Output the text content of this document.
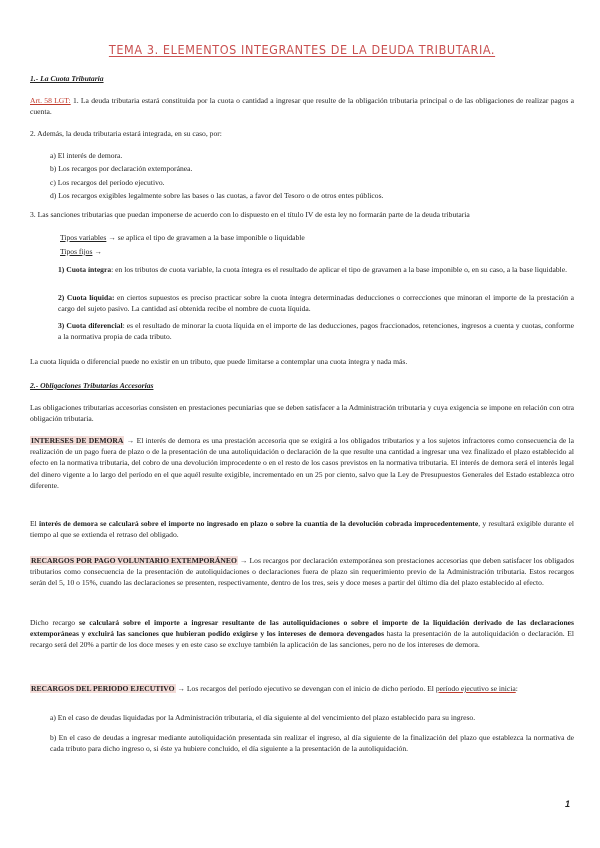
TEMA 3. ELEMENTOS INTEGRANTES DE LA DEUDA TRIBUTARIA.
1.- La Cuota Tributaria
Art. 58 LGT: 1. La deuda tributaria estará constituida por la cuota o cantidad a ingresar que resulte de la obligación tributaria principal o de las obligaciones de realizar pagos a cuenta.
2. Además, la deuda tributaria estará integrada, en su caso, por:
a) El interés de demora.
b) Los recargos por declaración extemporánea.
c) Los recargos del período ejecutivo.
d) Los recargos exigibles legalmente sobre las bases o las cuotas, a favor del Tesoro o de otros entes públicos.
3. Las sanciones tributarias que puedan imponerse de acuerdo con lo dispuesto en el título IV de esta ley no formarán parte de la deuda tributaria
Tipos variables → se aplica el tipo de gravamen a la base imponible o liquidable
Tipos fijos →
1) Cuota íntegra: en los tributos de cuota variable, la cuota íntegra es el resultado de aplicar el tipo de gravamen a la base imponible o, en su caso, a la base liquidable.
2) Cuota líquida: en ciertos supuestos es preciso practicar sobre la cuota íntegra determinadas deducciones o correcciones que minoran el importe de la prestación a cargo del sujeto pasivo. La cantidad así obtenida recibe el nombre de cuota líquida.
3) Cuota diferencial: es el resultado de minorar la cuota líquida en el importe de las deducciones, pagos fraccionados, retenciones, ingresos a cuenta y cuotas, conforme a la normativa propia de cada tributo.
La cuota líquida o diferencial puede no existir en un tributo, que puede limitarse a contemplar una cuota íntegra y nada más.
2.- Obligaciones Tributarias Accesorias
Las obligaciones tributarias accesorias consisten en prestaciones pecuniarias que se deben satisfacer a la Administración tributaria y cuya exigencia se impone en relación con otra obligación tributaria.
INTERESES DE DEMORA → El interés de demora es una prestación accesoria que se exigirá a los obligados tributarios y a los sujetos infractores como consecuencia de la realización de un pago fuera de plazo o de la presentación de una autoliquidación o declaración de la que resulte una cantidad a ingresar una vez finalizado el plazo establecido al efecto en la normativa tributaria, del cobro de una devolución improcedente o en el resto de los casos previstos en la normativa tributaria. El interés de demora será el interés legal del dinero vigente a lo largo del período en el que aquél resulte exigible, incrementado en un 25 por ciento, salvo que la Ley de Presupuestos Generales del Estado establezca otro diferente.
El interés de demora se calculará sobre el importe no ingresado en plazo o sobre la cuantía de la devolución cobrada improcedentemente, y resultará exigible durante el tiempo al que se extienda el retraso del obligado.
RECARGOS POR PAGO VOLUNTARIO EXTEMPORÁNEO → Los recargos por declaración extemporánea son prestaciones accesorias que deben satisfacer los obligados tributarios como consecuencia de la presentación de autoliquidaciones o declaraciones fuera de plazo sin requerimiento previo de la Administración tributaria. Estos recargos serán del 5, 10 o 15%, cuando las declaraciones se presenten, respectivamente, dentro de los tres, seis y doce meses a partir del último día del plazo establecido al efecto.
Dicho recargo se calculará sobre el importe a ingresar resultante de las autoliquidaciones o sobre el importe de la liquidación derivado de las declaraciones extemporáneas y excluirá las sanciones que hubieran podido exigirse y los intereses de demora devengados hasta la presentación de la autoliquidación o declaración. El recargo será del 20% a partir de los doce meses y en este caso se excluye también la aplicación de las sanciones, pero no de los intereses de demora.
RECARGOS DEL PERIODO EJECUTIVO → Los recargos del período ejecutivo se devengan con el inicio de dicho período. El período ejecutivo se inicia:
a) En el caso de deudas liquidadas por la Administración tributaria, el día siguiente al del vencimiento del plazo establecido para su ingreso.
b) En el caso de deudas a ingresar mediante autoliquidación presentada sin realizar el ingreso, al día siguiente de la finalización del plazo que establezca la normativa de cada tributo para dicho ingreso o, si éste ya hubiere concluido, el día siguiente a la presentación de la autoliquidación.
1
